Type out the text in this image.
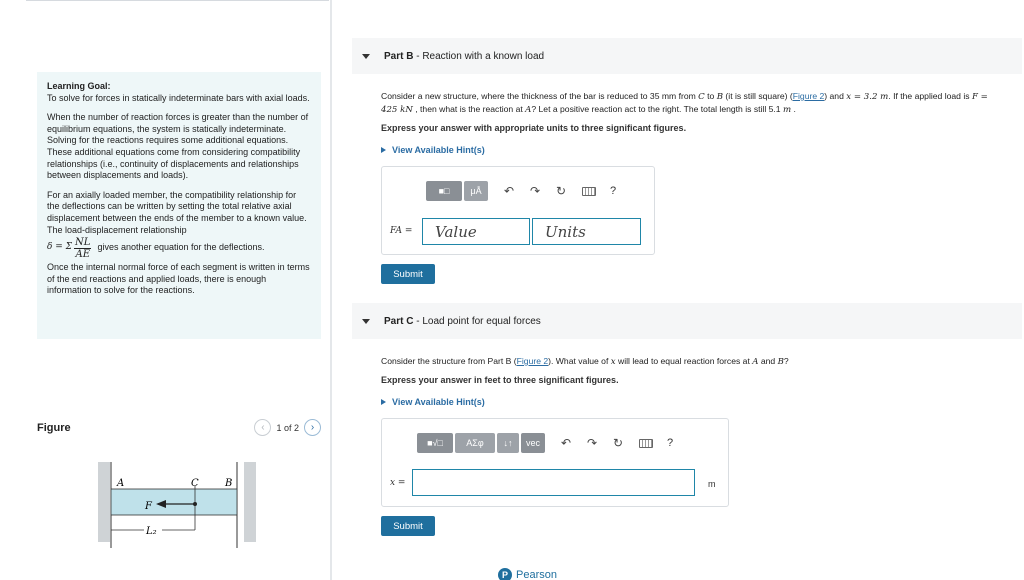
Learning Goal:
To solve for forces in statically indeterminate bars with axial loads.

When the number of reaction forces is greater than the number of equilibrium equations, the system is statically indeterminate. Solving for the reactions requires some additional equations. These additional equations come from considering compatibility relationships (i.e., continuity of displacements and relationships between displacements and loads).

For an axially loaded member, the compatibility relationship for the deflections can be written by setting the total relative axial displacement between the ends of the member to a known value. The load-displacement relationship

δ = Σ $\frac{NL}{AE}$ gives another equation for the deflections.

Once the internal normal force of each segment is written in terms of the end reactions and applied loads, there is enough information to solve for the reactions.

Figure	‹	1 of 2	›
A	C	B
F
L₂
Part B - Reaction with a known load
Consider a new structure, where the thickness of the bar is reduced to 35 mm from C to B (it is still square) (Figure 2) and x = 3.2 m. If the applied load is F = 425 kN , then what is the reaction at A? Let a positive reaction act to the right. The total length is still 5.1 m .
Express your answer with appropriate units to three significant figures.
View Available Hint(s)
■□	μÅ	↶ ↷ ↻	?
FA =	Value	Units
Submit
Part C - Load point for equal forces
Consider the structure from Part B (Figure 2). What value of x will lead to equal reaction forces at A and B?
Express your answer in feet to three significant figures.
View Available Hint(s)
■√□	ΑΣφ	↓↑	vec	↶ ↷ ↻	?
x =	m
Submit
P Pearson
